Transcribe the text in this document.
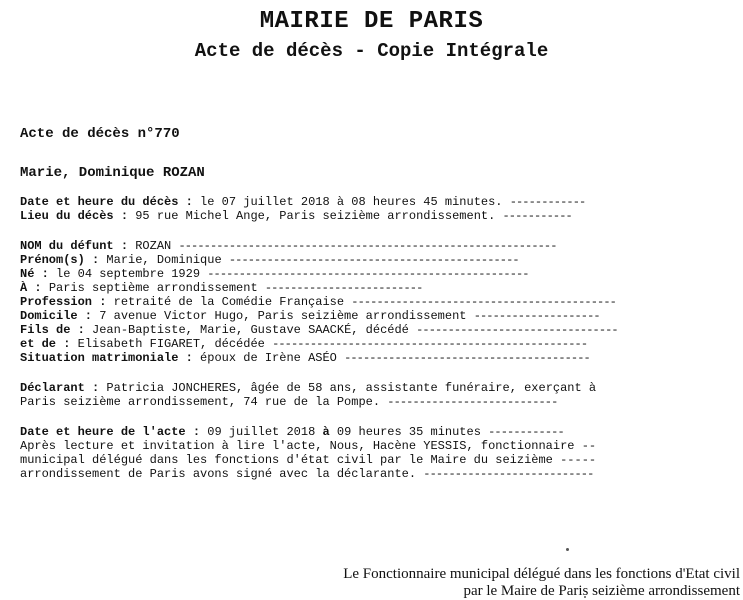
MAIRIE DE PARIS
Acte de décès - Copie Intégrale
Acte de décès n°770
Marie, Dominique ROZAN
Date et heure du décès : le 07 juillet 2018 à 08 heures 45 minutes. ------------
Lieu du décès : 95 rue Michel Ange, Paris seizième arrondissement. -----------
NOM du défunt : ROZAN ------------------------------------------------------------
Prénom(s) : Marie, Dominique ----------------------------------------------
Né : le 04 septembre 1929 ---------------------------------------------------
À : Paris septième arrondissement -------------------------
Profession : retraité de la Comédie Française ------------------------------------------
Domicile : 7 avenue Victor Hugo, Paris seizième arrondissement --------------------
Fils de : Jean-Baptiste, Marie, Gustave SAACKÉ, décédé --------------------------------
et de : Elisabeth FIGARET, décédée --------------------------------------------------
Situation matrimoniale : époux de Irène ASÉO ---------------------------------------
Déclarant : Patricia JONCHERES, âgée de 58 ans, assistante funéraire, exerçant à
Paris seizième arrondissement, 74 rue de la Pompe. ---------------------------
Date et heure de l'acte : 09 juillet 2018 à 09 heures 35 minutes ------------
Après lecture et invitation à lire l'acte, Nous, Hacène YESSIS, fonctionnaire --
municipal délégué dans les fonctions d'état civil par le Maire du seizième -----
arrondissement de Paris avons signé avec la déclarante. ---------------------------
Le Fonctionnaire municipal délégué dans les fonctions d'Etat civil
par le Maire de Paris seizième arrondissement
